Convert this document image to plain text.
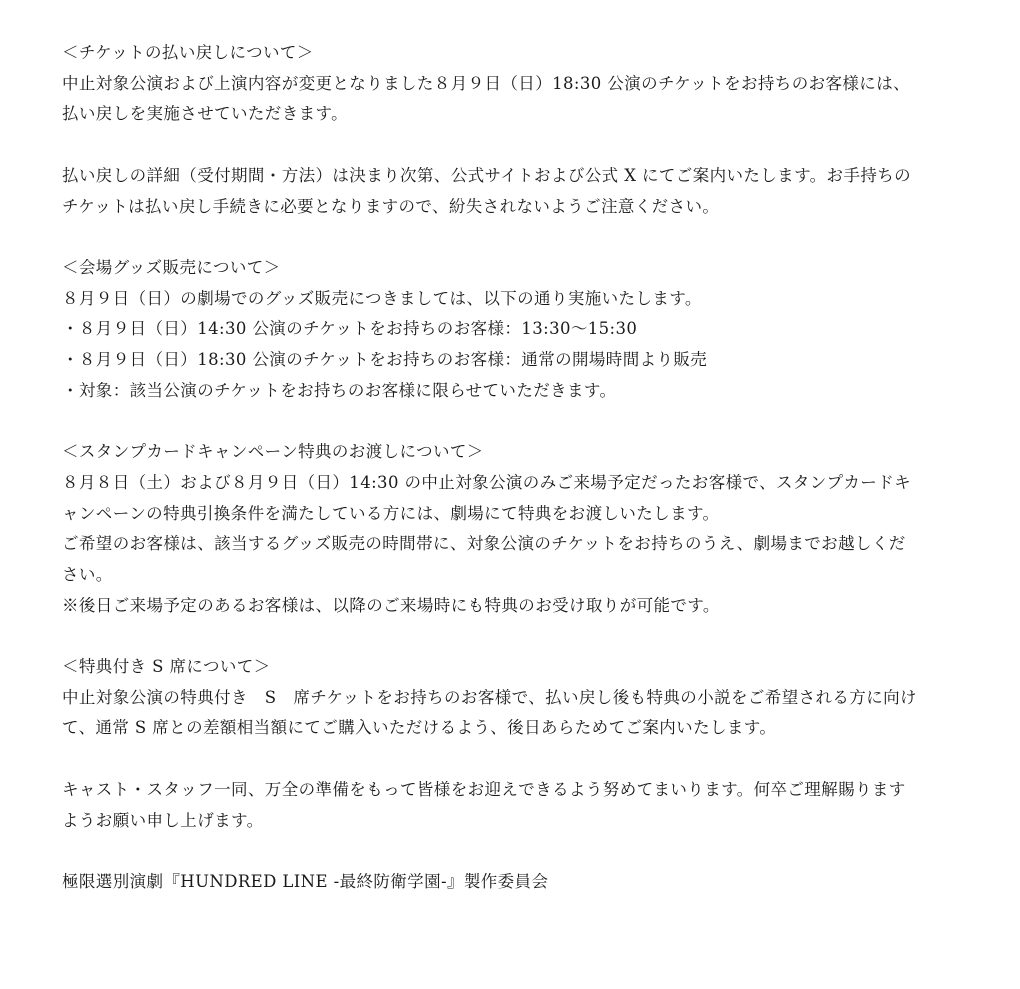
＜チケットの払い戻しについて＞
中止対象公演および上演内容が変更となりました８月９日（日）18:30 公演のチケットをお持ちのお客様には、
払い戻しを実施させていただきます。
払い戻しの詳細（受付期間・方法）は決まり次第、公式サイトおよび公式 X にてご案内いたします。お手持ちの
チケットは払い戻し手続きに必要となりますので、紛失されないようご注意ください。
＜会場グッズ販売について＞
８月９日（日）の劇場でのグッズ販売につきましては、以下の通り実施いたします。
・８月９日（日）14:30 公演のチケットをお持ちのお客様：13:30〜15:30
・８月９日（日）18:30 公演のチケットをお持ちのお客様：通常の開場時間より販売
・対象：該当公演のチケットをお持ちのお客様に限らせていただきます。
＜スタンプカードキャンペーン特典のお渡しについて＞
８月８日（土）および８月９日（日）14:30 の中止対象公演のみご来場予定だったお客様で、スタンプカードキ
ャンペーンの特典引換条件を満たしている方には、劇場にて特典をお渡しいたします。
ご希望のお客様は、該当するグッズ販売の時間帯に、対象公演のチケットをお持ちのうえ、劇場までお越しくだ
さい。
※後日ご来場予定のあるお客様は、以降のご来場時にも特典のお受け取りが可能です。
＜特典付き S 席について＞
中止対象公演の特典付き　S　席チケットをお持ちのお客様で、払い戻し後も特典の小説をご希望される方に向け
て、通常 S 席との差額相当額にてご購入いただけるよう、後日あらためてご案内いたします。
キャスト・スタッフ一同、万全の準備をもって皆様をお迎えできるよう努めてまいります。何卒ご理解賜ります
ようお願い申し上げます。
極限選別演劇『HUNDRED LINE -最終防衛学園-』製作委員会
